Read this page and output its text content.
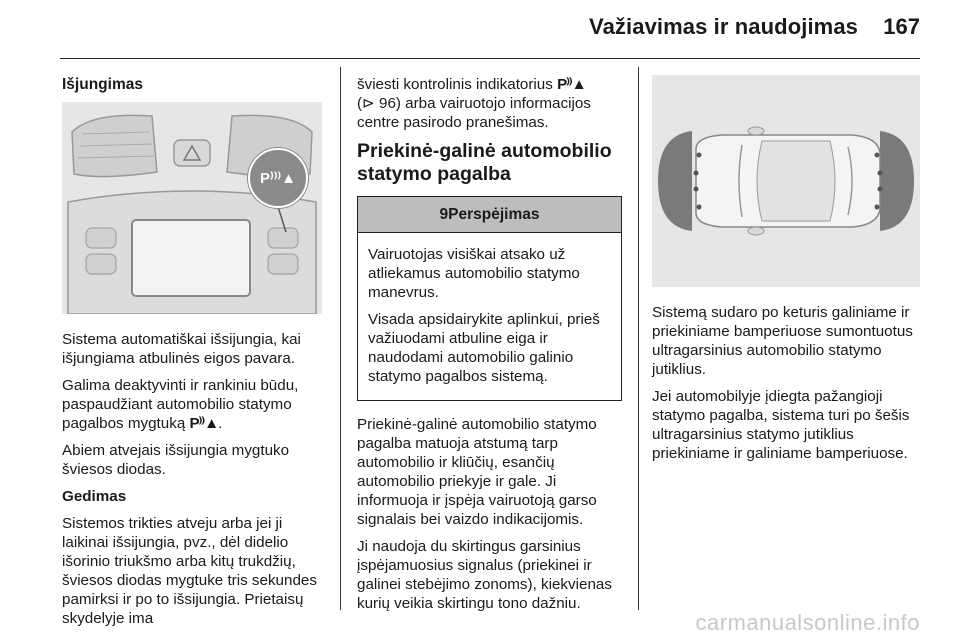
Važiavimas ir naudojimas 167

Išjungimas

P⁾⁾⁾▲

Sistema automatiškai išsijungia, kai išjungiama atbulinės eigos pavara.

Galima deaktyvinti ir rankiniu būdu, paspaudžiant automobilio statymo pagalbos mygtuką P⁾⁾▲.

Abiem atvejais išsijungia mygtuko šviesos diodas.

Gedimas

Sistemos trikties atveju arba jei ji laikinai išsijungia, pvz., dėl didelio išorinio triukšmo arba kitų trukdžių, šviesos diodas mygtuke tris sekundes pamirksi ir po to išsijungia. Prietaisų skydelyje ima

šviesti kontrolinis indikatorius P⁾⁾▲
(⊳ 96) arba vairuotojo informacijos centre pasirodo pranešimas.

Priekinė-galinė automobilio statymo pagalba
9Perspėjimas

Vairuotojas visiškai atsako už atliekamus automobilio statymo manevrus.

Visada apsidairykite aplinkui, prieš važiuodami atbuline eiga ir naudodami automobilio galinio statymo pagalbos sistemą.

Priekinė-galinė automobilio statymo pagalba matuoja atstumą tarp automobilio ir kliūčių, esančių automobilio priekyje ir gale. Ji informuoja ir įspėja vairuotoją garso signalais bei vaizdo indikacijomis.

Ji naudoja du skirtingus garsinius įspėjamuosius signalus (priekinei ir galinei stebėjimo zonoms), kiekvienas kurių veikia skirtingu tono dažniu.

Sistemą sudaro po keturis galiniame ir priekiniame bamperiuose sumontuotus ultragarsinius automobilio statymo jutiklius.

Jei automobilyje įdiegta pažangioji statymo pagalba, sistema turi po šešis ultragarsinius statymo jutiklius priekiniame ir galiniame bamperiuose.

carmanualsonline.info
